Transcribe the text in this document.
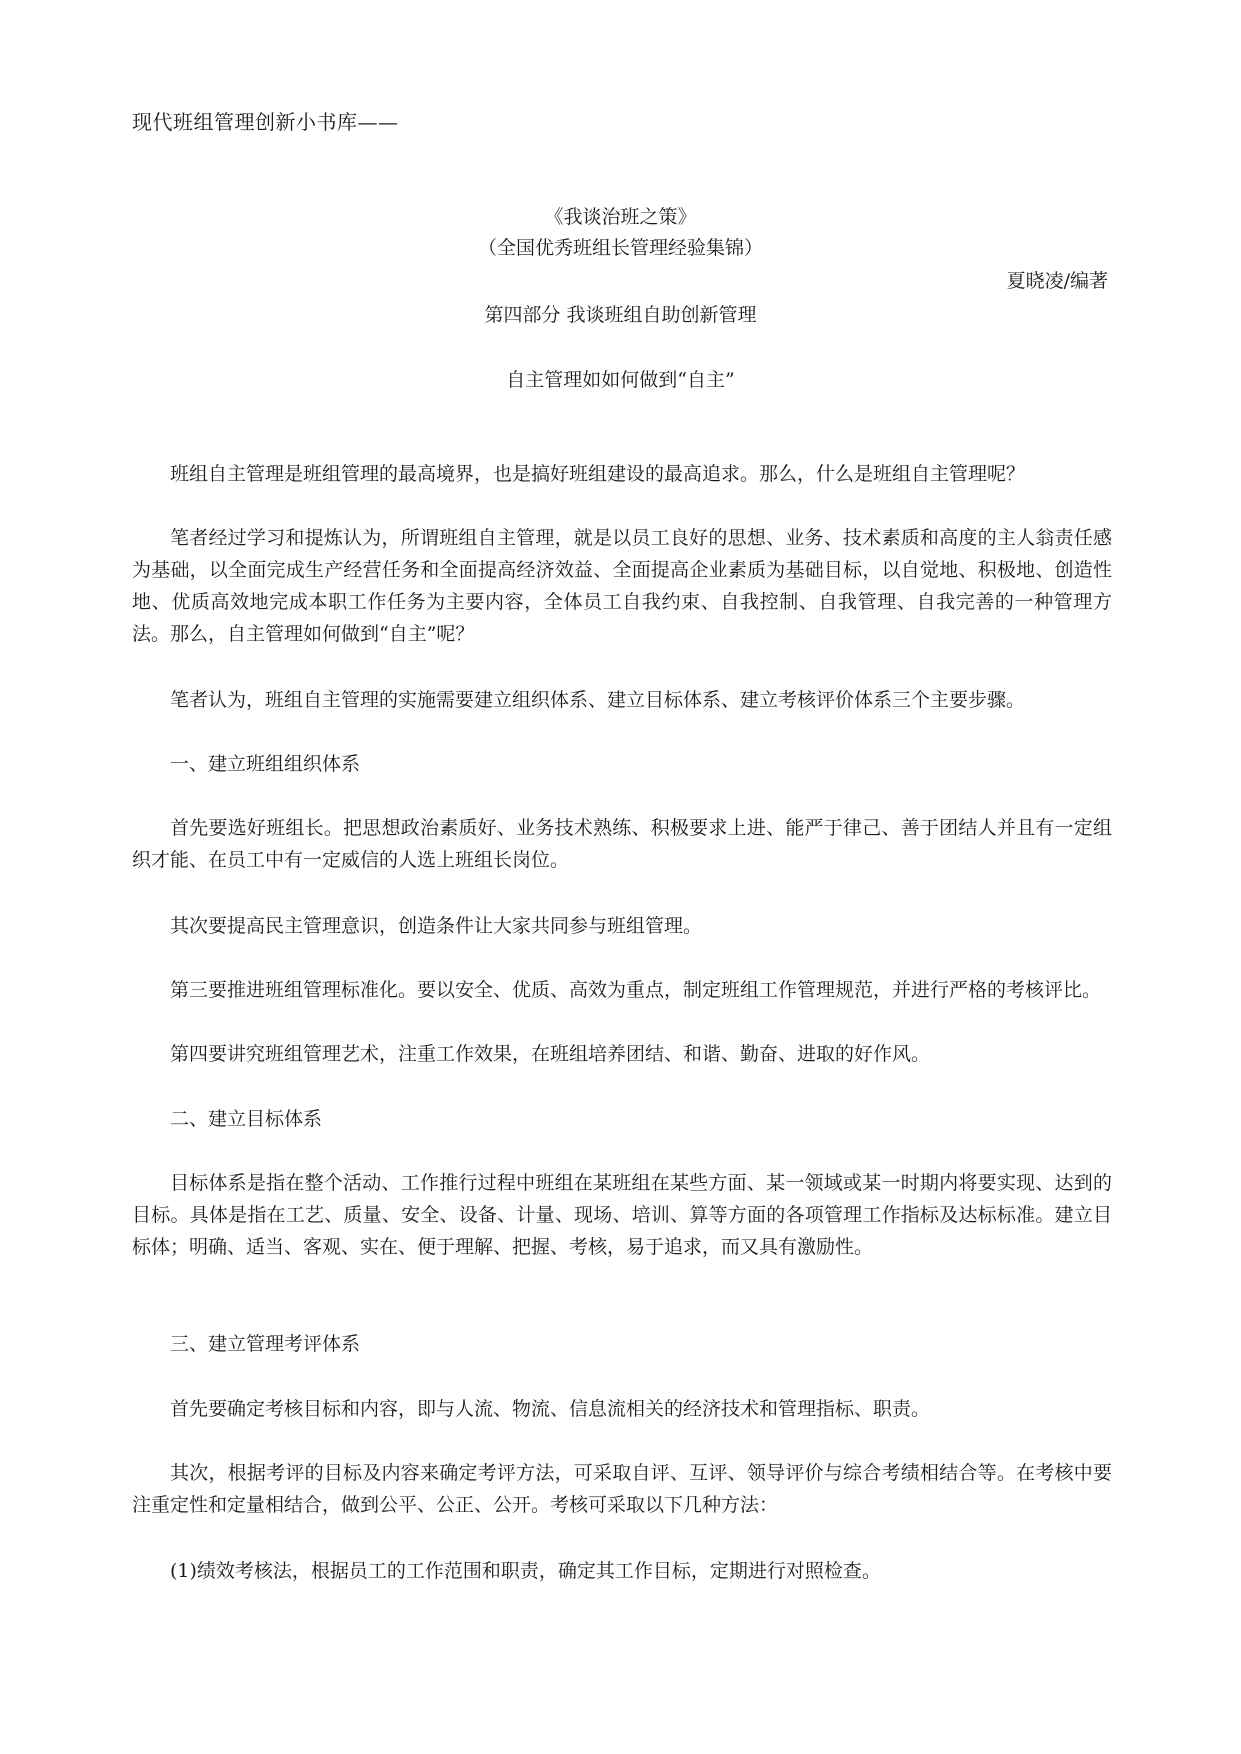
现代班组管理创新小书库——
《我谈治班之策》
（全国优秀班组长管理经验集锦）
夏晓凌/编著
第四部分 我谈班组自助创新管理
自主管理如如何做到“自主”

班组自主管理是班组管理的最高境界，也是搞好班组建设的最高追求。那么，什么是班组自主管理呢？

笔者经过学习和提炼认为，所谓班组自主管理，就是以员工良好的思想、业务、技术素质和高度的主人翁责任感为基础，以全面完成生产经营任务和全面提高经济效益、全面提高企业素质为基础目标，以自觉地、积极地、创造性地、优质高效地完成本职工作任务为主要内容，全体员工自我约束、自我控制、自我管理、自我完善的一种管理方法。那么，自主管理如何做到“自主”呢？

笔者认为，班组自主管理的实施需要建立组织体系、建立目标体系、建立考核评价体系三个主要步骤。

一、建立班组组织体系

首先要选好班组长。把思想政治素质好、业务技术熟练、积极要求上进、能严于律己、善于团结人并且有一定组织才能、在员工中有一定威信的人选上班组长岗位。

其次要提高民主管理意识，创造条件让大家共同参与班组管理。

第三要推进班组管理标准化。要以安全、优质、高效为重点，制定班组工作管理规范，并进行严格的考核评比。

第四要讲究班组管理艺术，注重工作效果，在班组培养团结、和谐、勤奋、进取的好作风。

二、建立目标体系

目标体系是指在整个活动、工作推行过程中班组在某班组在某些方面、某一领域或某一时期内将要实现、达到的目标。具体是指在工艺、质量、安全、设备、计量、现场、培训、算等方面的各项管理工作指标及达标标准。建立目标体；明确、适当、客观、实在、便于理解、把握、考核，易于追求，而又具有激励性。

三、建立管理考评体系

首先要确定考核目标和内容，即与人流、物流、信息流相关的经济技术和管理指标、职责。

其次，根据考评的目标及内容来确定考评方法，可采取自评、互评、领导评价与综合考绩相结合等。在考核中要注重定性和定量相结合，做到公平、公正、公开。考核可采取以下几种方法：

(1)绩效考核法，根据员工的工作范围和职责，确定其工作目标，定期进行对照检查。
